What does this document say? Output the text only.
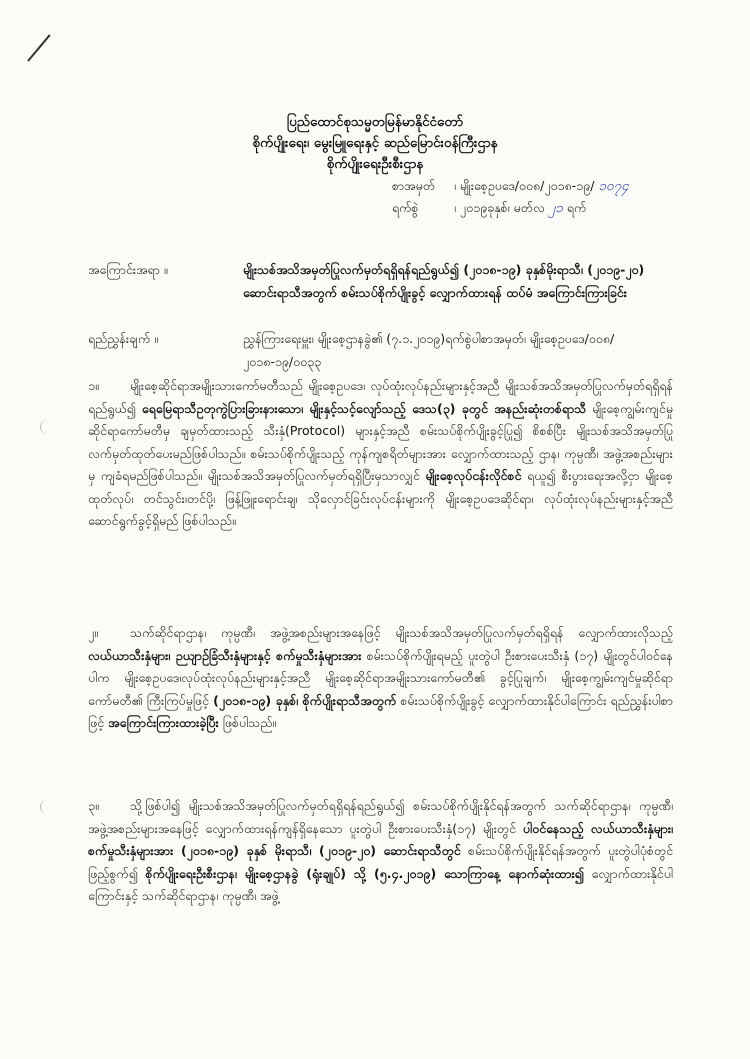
ပြည်ထောင်စုသမ္မတမြန်မာနိုင်ငံတော်
စိုက်ပျိုးရေး၊ မွေးမြူရေးနှင့် ဆည်မြောင်းဝန်ကြီးဌာန
စိုက်ပျိုးရေးဦးစီးဌာန
စာအမှတ် ၊ မျိုးစေ့ဥပဒေ/ဝဝ၈/၂ဝ၁၈-၁၉/ ၁ဝ၇၄
ရက်စွဲ	၊ ၂ဝ၁၉ခုနှစ်၊ မတ်လ ၂၁ ရက်
အကြောင်းအရာ ။	မျိုးသစ်အသိအမှတ်ပြုလက်မှတ်ရရှိရန်ရည်ရွယ်၍ (၂ဝ၁၈-၁၉) ခုနှစ်မိုးရာသီ၊ (၂ဝ၁၉-၂ဝ) ဆောင်းရာသီအတွက် စမ်းသပ်စိုက်ပျိုးခွင့် လျှောက်ထားရန် ထပ်မံ အကြောင်းကြားခြင်း
ရည်ညွှန်းချက် ။	ညွှန်ကြားရေးမှူး၊ မျိုးစေ့ဌာနခွဲ၏ (၇.၁.၂ဝ၁၉)ရက်စွဲပါစာအမှတ်၊ မျိုးစေ့ဥပဒေ/ဝဝ၈/ ၂ဝ၁၈-၁၉/ဝဝ၃၃
၁။ မျိုးစေ့ဆိုင်ရာအမျိုးသားကော်မတီသည် မျိုးစေ့ဥပဒေ၊ လုပ်ထုံးလုပ်နည်းများနှင့်အညီ မျိုးသစ်အသိအမှတ်ပြုလက်မှတ်ရရှိရန် ရည်ရွယ်၍ ရေမြေရာသီဥတုကွဲပြားခြားနားသော၊ မျိုးနှင့်သင့်လျော်သည့် ဒေသ(၃) ခုတွင် အနည်းဆုံးတစ်ရာသီ မျိုးစေ့ကျွမ်းကျင်မှုဆိုင်ရာကော်မတီမှ ချမှတ်ထားသည့် သီးနှံ(Protocol) များနှင့်အညီ စမ်းသပ်စိုက်ပျိုးခွင့်ပြု၍ စိစစ်ပြီး မျိုးသစ်အသိအမှတ်ပြုလက်မှတ်ထုတ်ပေးမည်ဖြစ်ပါသည်။ စမ်းသပ်စိုက်ပျိုးသည့် ကုန်ကျစရိတ်များအား လျှောက်ထားသည့် ဌာန၊ ကုမ္ပဏီ၊ အဖွဲ့အစည်းများမှ ကျခံရမည်ဖြစ်ပါသည်။ မျိုးသစ်အသိအမှတ်ပြုလက်မှတ်ရရှိပြီးမှသာလျှင် မျိုးစေ့လုပ်ငန်းလိုင်စင် ရယူ၍ စီးပွားရေးအလို့ငှာ မျိုးစေ့ထုတ်လုပ်၊ တင်သွင်း၊တင်ပို့၊ ဖြန့်ဖြူးရောင်းချ၊ သိုလှောင်ခြင်းလုပ်ငန်းများကို မျိုးစေ့ဥပဒေဆိုင်ရာ၊ လုပ်ထုံးလုပ်နည်းများနှင့်အညီ ဆောင်ရွက်ခွင့်ရှိမည် ဖြစ်ပါသည်။
၂။	သက်ဆိုင်ရာဌာန၊ ကုမ္ပဏီ၊ အဖွဲ့အစည်းများအနေဖြင့် မျိုးသစ်အသိအမှတ်ပြုလက်မှတ်ရရှိရန် လျှောက်ထားလိုသည့် လယ်ယာသီးနှံများ၊ ဉယျာဉ်ခြံသီးနှံများနှင့် စက်မှုသီးနှံများအား စမ်းသပ်စိုက်ပျိုးရမည့် ပူးတွဲပါ ဦးစားပေးသီးနှံ (၁၇) မျိုးတွင်ပါဝင်နေပါက မျိုးစေ့ဥပဒေ၊လုပ်ထုံးလုပ်နည်းများနှင့်အညီ မျိုးစေ့ဆိုင်ရာအမျိုးသားကော်မတီ၏ ခွင့်ပြုချက်၊ မျိုးစေ့ကျွမ်းကျင်မှုဆိုင်ရာကော်မတီ၏ ကြီးကြပ်မှုဖြင့် (၂ဝ၁၈-၁၉) ခုနှစ်၊ စိုက်ပျိုးရာသီအတွက် စမ်းသပ်စိုက်ပျိုးခွင့် လျှောက်ထားနိုင်ပါကြောင်း ရည်ညွှန်းပါစာဖြင့် အကြောင်းကြားထားခဲ့ပြီး ဖြစ်ပါသည်။
၃။ သို့ဖြစ်ပါ၍ မျိုးသစ်အသိအမှတ်ပြုလက်မှတ်ရရှိရန်ရည်ရွယ်၍ စမ်းသပ်စိုက်ပျိုးနိုင်ရန်အတွက် သက်ဆိုင်ရာဌာန၊ ကုမ္ပဏီ၊ အဖွဲ့အစည်းများအနေဖြင့် လျှောက်ထားရန်ကျန်ရှိနေသော ပူးတွဲပါ ဦးစားပေးသီးနှံ(၁၇) မျိုးတွင် ပါဝင်နေသည့် လယ်ယာသီးနှံများ၊ စက်မှုသီးနှံများအား (၂ဝ၁၈-၁၉) ခုနှစ် မိုးရာသီ၊ (၂ဝ၁၉-၂ဝ) ဆောင်းရာသီတွင် စမ်းသပ်စိုက်ပျိုးနိုင်ရန်အတွက် ပူးတွဲပါပုံစံတွင် ဖြည့်စွက်၍ စိုက်ပျိုးရေးဦးစီးဌာန၊ မျိုးစေ့ဌာနခွဲ (ရုံးချုပ်) သို့ (၅.၄.၂ဝ၁၉) သောကြာနေ့ နောက်ဆုံးထား၍ လျှောက်ထားနိုင်ပါကြောင်းနှင့် သက်ဆိုင်ရာဌာန၊ ကုမ္ပဏီ၊ အဖွဲ့
